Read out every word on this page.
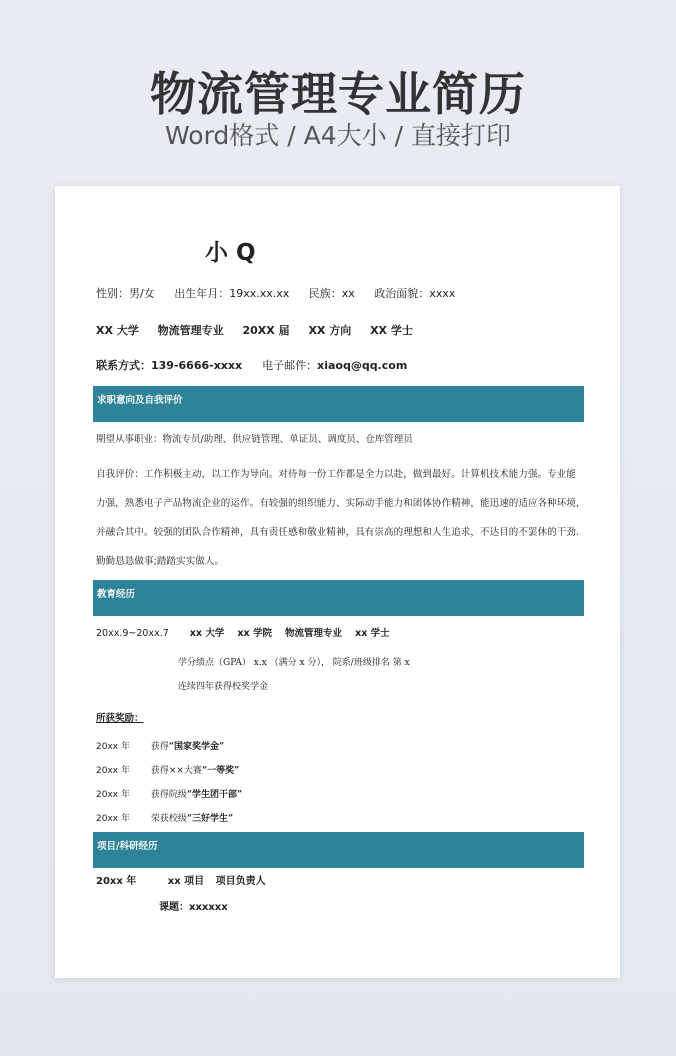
物流管理专业简历
Word格式 / A4大小 / 直接打印
小 Q
性别：男/女 出生年月：19xx.xx.xx 民族：xx 政治面貌：xxxx
XX 大学 物流管理专业 20XX 届 XX 方向 XX 学士
联系方式：139-6666-xxxx 电子邮件：xiaoq@qq.com
求职意向及自我评价
期望从事职业：物流专员/助理、供应链管理、单证员、调度员、仓库管理员
自我评价：工作积极主动，以工作为导向。对待每一份工作都是全力以赴，做到最好。计算机技术能力强。专业能
力强，熟悉电子产品物流企业的运作。有较强的组织能力、实际动手能力和团体协作精神，能迅速的适应各种环境，
并融合其中。较强的团队合作精神，具有责任感和敬业精神，具有崇高的理想和人生追求，不达目的不罢休的干劲.
勤勤恳恳做事;踏踏实实做人。
教育经历
20xx.9~20xx.7 xx 大学 xx 学院 物流管理专业 xx 学士
学分绩点（GPA） x.x （满分 x 分）， 院系/班级排名 第 x
连续四年获得校奖学金
所获奖励：
20xx 年 获得“国家奖学金”
20xx 年 获得××大赛“一等奖”
20xx 年 获得院级“学生团干部”
20xx 年 荣获校级“三好学生”
项目/科研经历
20xx 年	xx 项目 项目负责人
课题：xxxxxx
